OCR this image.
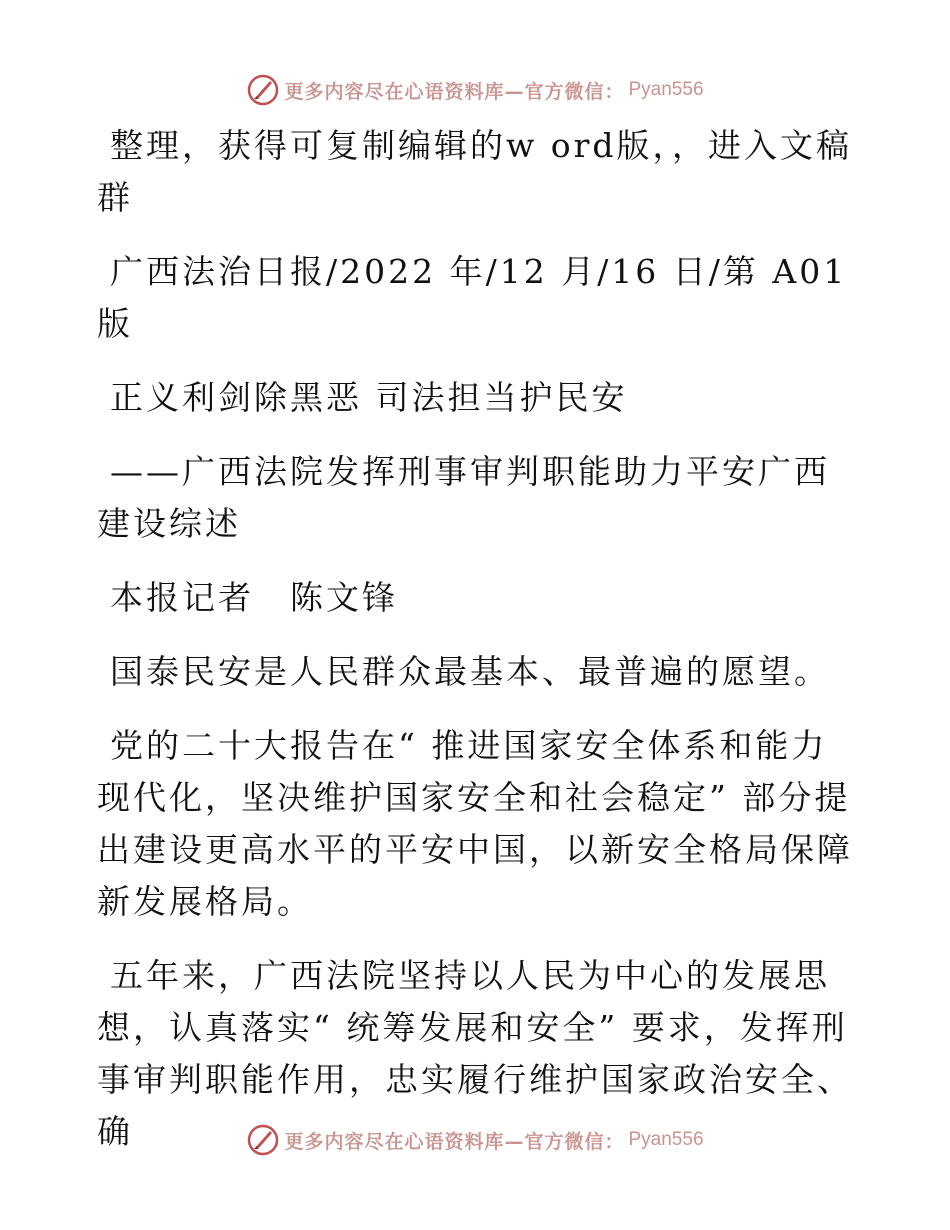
更多内容尽在心语资料库—官方微信： Pyan556

整理，获得可复制编辑的w ord版，，进入文稿群

广西法治日报/2022 年/12 月/16 日/第 A01 版

正义利剑除黑恶 司法担当护民安

——广西法院发挥刑事审判职能助力平安广西建设综述

本报记者　陈文锋

国泰民安是人民群众最基本、最普遍的愿望。

党的二十大报告在“ 推进国家安全体系和能力现代化，坚决维护国家安全和社会稳定” 部分提出建设更高水平的平安中国，以新安全格局保障新发展格局。

五年来，广西法院坚持以人民为中心的发展思想，认真落实“ 统筹发展和安全” 要求，发挥刑事审判职能作用，忠实履行维护国家政治安全、确	更多内容尽在心语资料库—官方微信： Pyan556
